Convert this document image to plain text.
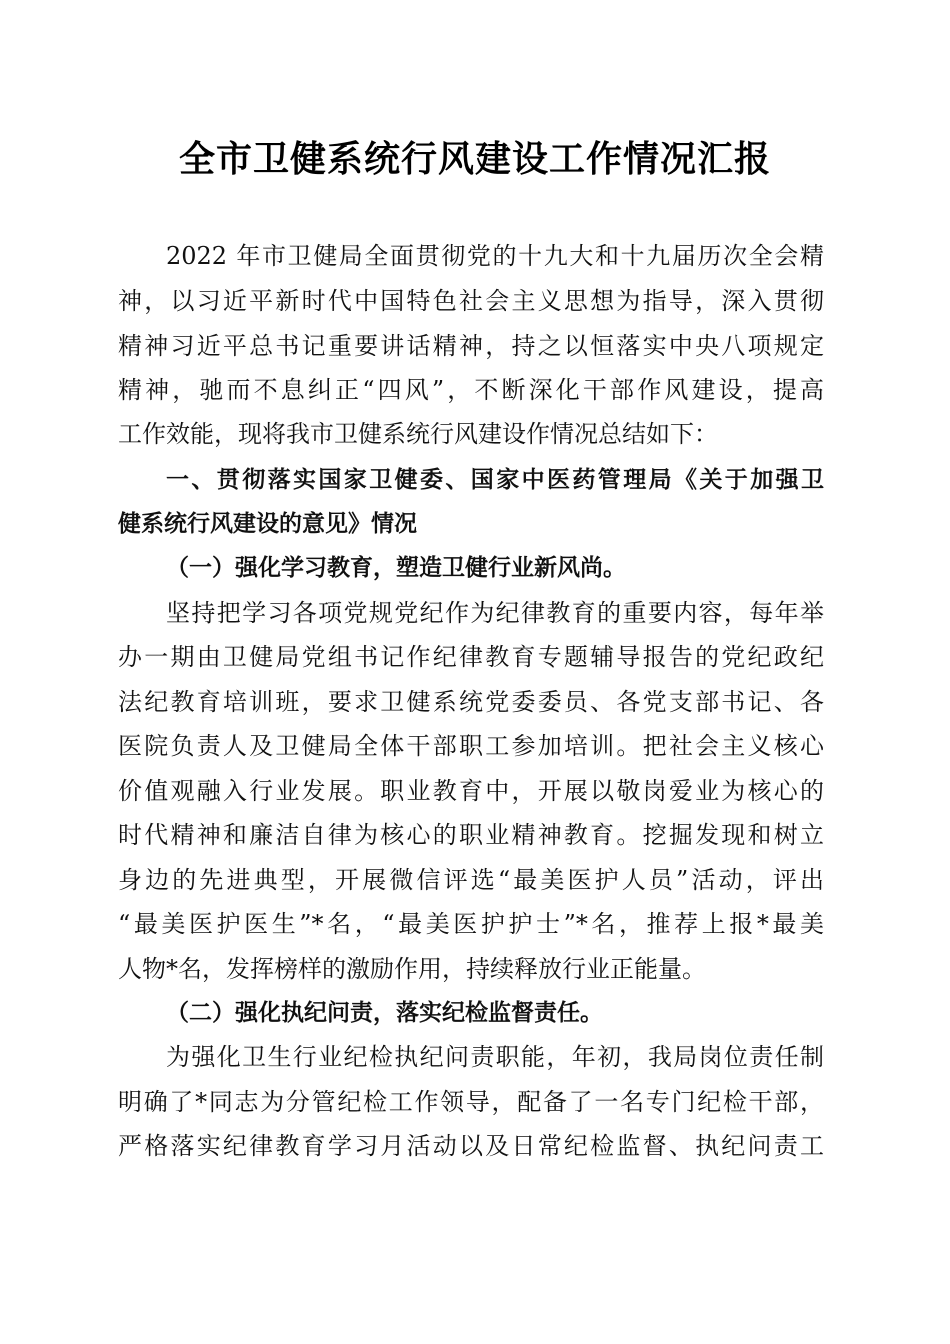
全市卫健系统行风建设工作情况汇报
2022 年市卫健局全面贯彻党的十九大和十九届历次全会精
神，以习近平新时代中国特色社会主义思想为指导，深入贯彻
精神习近平总书记重要讲话精神，持之以恒落实中央八项规定
精神，驰而不息纠正“四风”，不断深化干部作风建设，提高
工作效能，现将我市卫健系统行风建设作情况总结如下：
一、贯彻落实国家卫健委、国家中医药管理局《关于加强卫
健系统行风建设的意见》情况
（一）强化学习教育，塑造卫健行业新风尚。
坚持把学习各项党规党纪作为纪律教育的重要内容，每年举
办一期由卫健局党组书记作纪律教育专题辅导报告的党纪政纪
法纪教育培训班，要求卫健系统党委委员、各党支部书记、各
医院负责人及卫健局全体干部职工参加培训。把社会主义核心
价值观融入行业发展。职业教育中，开展以敬岗爱业为核心的
时代精神和廉洁自律为核心的职业精神教育。挖掘发现和树立
身边的先进典型，开展微信评选“最美医护人员”活动，评出
“最美医护医生”*名，“最美医护护士”*名，推荐上报*最美
人物*名，发挥榜样的激励作用，持续释放行业正能量。
（二）强化执纪问责，落实纪检监督责任。
为强化卫生行业纪检执纪问责职能，年初，我局岗位责任制
明确了*同志为分管纪检工作领导，配备了一名专门纪检干部，
严格落实纪律教育学习月活动以及日常纪检监督、执纪问责工
